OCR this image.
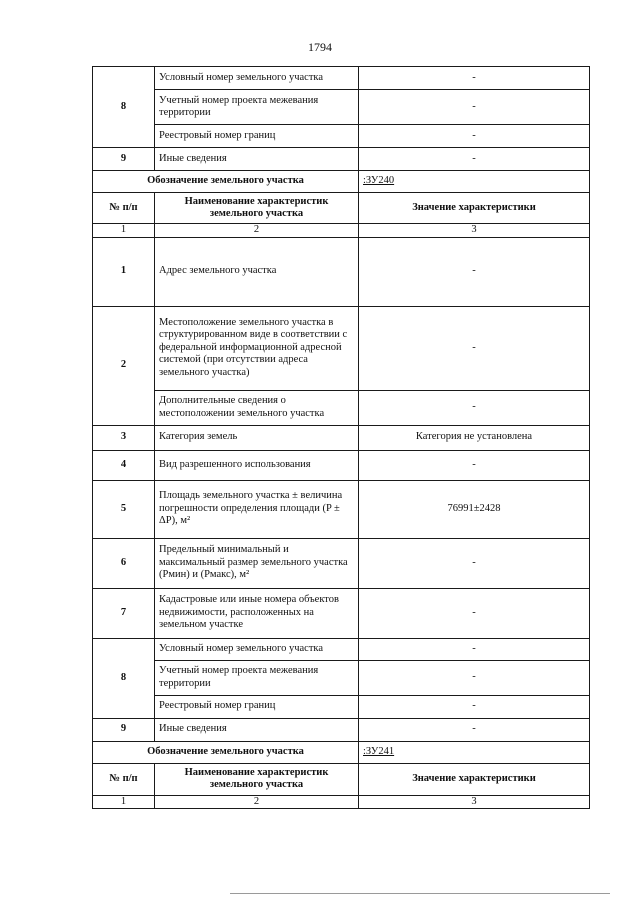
1794
8	Условный номер земельного участка	-
	Учетный номер проекта межевания территории	-
	Реестровый номер границ	-
9	Иные сведения	-
Обозначение земельного участка		:ЗУ240
№ п/п	Наименование характеристик земельного участка	Значение характеристики
1	2	3
1	Адрес земельного участка	-
2	Местоположение земельного участка в структурированном виде в соответствии с федеральной информационной адресной системой (при отсутствии адреса земельного участка)	-
	Дополнительные сведения о местоположении земельного участка	-
3	Категория земель	Категория не установлена
4	Вид разрешенного использования	-
5	Площадь земельного участка ± величина погрешности определения площади (P ± ΔP), м²	76991±2428
6	Предельный минимальный и максимальный размер земельного участка (Pмин) и (Pмакс), м²	-
7	Кадастровые или иные номера объектов недвижимости, расположенных на земельном участке	-
8	Условный номер земельного участка	-
	Учетный номер проекта межевания территории	-
	Реестровый номер границ	-
9	Иные сведения	-
Обозначение земельного участка		:ЗУ241
№ п/п	Наименование характеристик земельного участка	Значение характеристики
1	2	3
